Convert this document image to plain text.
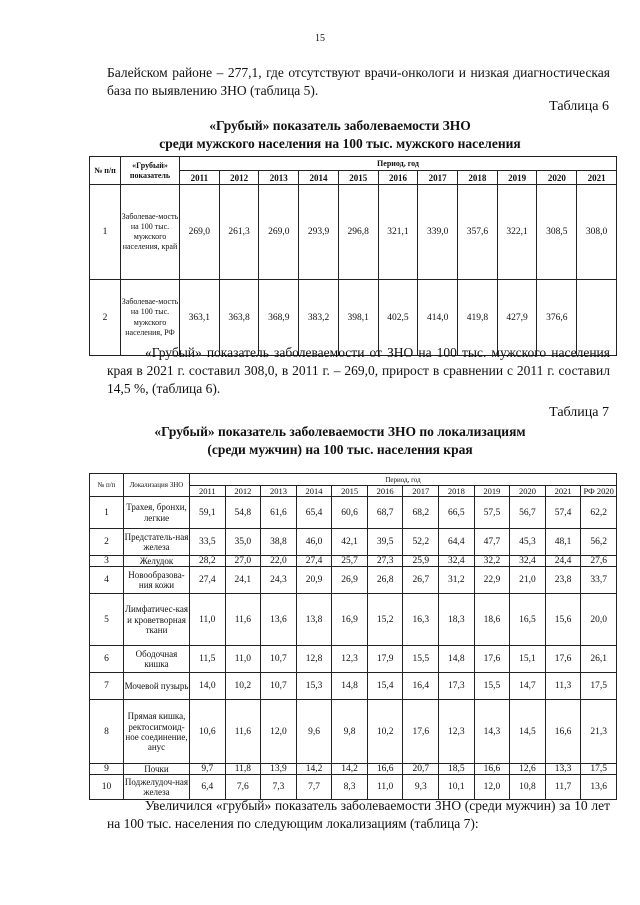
15
Балейском районе – 277,1, где отсутствуют врачи-онкологи и низкая диагностическая база по выявлению ЗНО (таблица 5).
Таблица 6
«Грубый» показатель заболеваемости ЗНО
среди мужского населения на 100 тыс. мужского населения
№ п/п	«Грубый» показатель	Период, год										
		2011	2012	2013	2014	2015	2016	2017	2018	2019	2020	2021
1	Заболевае-мость на 100 тыс. мужского населения, край	269,0	261,3	269,0	293,9	296,8	321,1	339,0	357,6	322,1	308,5	308,0
2	Заболевае-мость на 100 тыс. мужского населения, РФ	363,1	363,8	368,9	383,2	398,1	402,5	414,0	419,8	427,9	376,6	
«Грубый» показатель заболеваемости от ЗНО на 100 тыс. мужского населения края в 2021 г. составил 308,0, в 2011 г. – 269,0, прирост в сравнении с 2011 г. составил 14,5 %, (таблица 6).
Таблица 7
«Грубый» показатель заболеваемости ЗНО по локализациям
(среди мужчин) на 100 тыс. населения края
№ п/п	Локализация ЗНО	Период, год											
		2011	2012	2013	2014	2015	2016	2017	2018	2019	2020	2021	РФ 2020
1	Трахея, бронхи, легкие	59,1	54,8	61,6	65,4	60,6	68,7	68,2	66,5	57,5	56,7	57,4	62,2
2	Предстатель-ная железа	33,5	35,0	38,8	46,0	42,1	39,5	52,2	64,4	47,7	45,3	48,1	56,2
3	Желудок	28,2	27,0	22,0	27,4	25,7	27,3	25,9	32,4	32,2	32,4	24,4	27,6
4	Новообразова-ния кожи	27,4	24,1	24,3	20,9	26,9	26,8	26,7	31,2	22,9	21,0	23,8	33,7
5	Лимфатичес-кая и кроветворная ткани	11,0	11,6	13,6	13,8	16,9	15,2	16,3	18,3	18,6	16,5	15,6	20,0
6	Ободочная кишка	11,5	11,0	10,7	12,8	12,3	17,9	15,5	14,8	17,6	15,1	17,6	26,1
7	Мочевой пузырь	14,0	10,2	10,7	15,3	14,8	15,4	16,4	17,3	15,5	14,7	11,3	17,5
8	Прямая кишка, ректосигмоид-ное соединение, анус	10,6	11,6	12,0	9,6	9,8	10,2	17,6	12,3	14,3	14,5	16,6	21,3
9	Почки	9,7	11,8	13,9	14,2	14,2	16,6	20,7	18,5	16,6	12,6	13,3	17,5
10	Поджелудоч-ная железа	6,4	7,6	7,3	7,7	8,3	11,0	9,3	10,1	12,0	10,8	11,7	13,6
Увеличился «грубый» показатель заболеваемости ЗНО (среди мужчин) за 10 лет на 100 тыс. населения по следующим локализациям (таблица 7):
